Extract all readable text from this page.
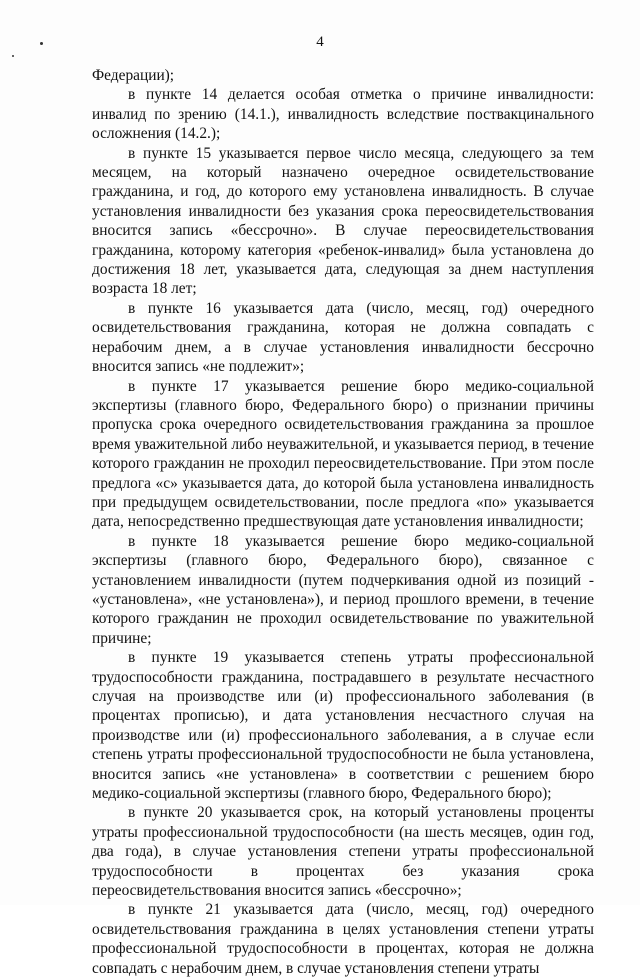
4

Федерации);

в пункте 14 делается особая отметка о причине инвалидности: инвалид по зрению (14.1.), инвалидность вследствие поствакцинального осложнения (14.2.);

в пункте 15 указывается первое число месяца, следующего за тем месяцем, на который назначено очередное освидетельствование гражданина, и год, до которого ему установлена инвалидность. В случае установления инвалидности без указания срока переосвидетельствования вносится запись «бессрочно». В случае переосвидетельствования гражданина, которому категория «ребенок-инвалид» была установлена до достижения 18 лет, указывается дата, следующая за днем наступления возраста 18 лет;

в пункте 16 указывается дата (число, месяц, год) очередного освидетельствования гражданина, которая не должна совпадать с нерабочим днем, а в случае установления инвалидности бессрочно вносится запись «не подлежит»;

в пункте 17 указывается решение бюро медико-социальной экспертизы (главного бюро, Федерального бюро) о признании причины пропуска срока очередного освидетельствования гражданина за прошлое время уважительной либо неуважительной, и указывается период, в течение которого гражданин не проходил переосвидетельствование. При этом после предлога «с» указывается дата, до которой была установлена инвалидность при предыдущем освидетельствовании, после предлога «по» указывается дата, непосредственно предшествующая дате установления инвалидности;

в пункте 18 указывается решение бюро медико-социальной экспертизы (главного бюро, Федерального бюро), связанное с установлением инвалидности (путем подчеркивания одной из позиций - «установлена», «не установлена»), и период прошлого времени, в течение которого гражданин не проходил освидетельствование по уважительной причине;

в пункте 19 указывается степень утраты профессиональной трудоспособности гражданина, пострадавшего в результате несчастного случая на производстве или (и) профессионального заболевания (в процентах прописью), и дата установления несчастного случая на производстве или (и) профессионального заболевания, а в случае если степень утраты профессиональной трудоспособности не была установлена, вносится запись «не установлена» в соответствии с решением бюро медико-социальной экспертизы (главного бюро, Федерального бюро);

в пункте 20 указывается срок, на который установлены проценты утраты профессиональной трудоспособности (на шесть месяцев, один год, два года), в случае установления степени утраты профессиональной трудоспособности в процентах без указания срока переосвидетельствования вносится запись «бессрочно»;

в пункте 21 указывается дата (число, месяц, год) очередного освидетельствования гражданина в целях установления степени утраты профессиональной трудоспособности в процентах, которая не должна совпадать с нерабочим днем, в случае установления степени утраты
